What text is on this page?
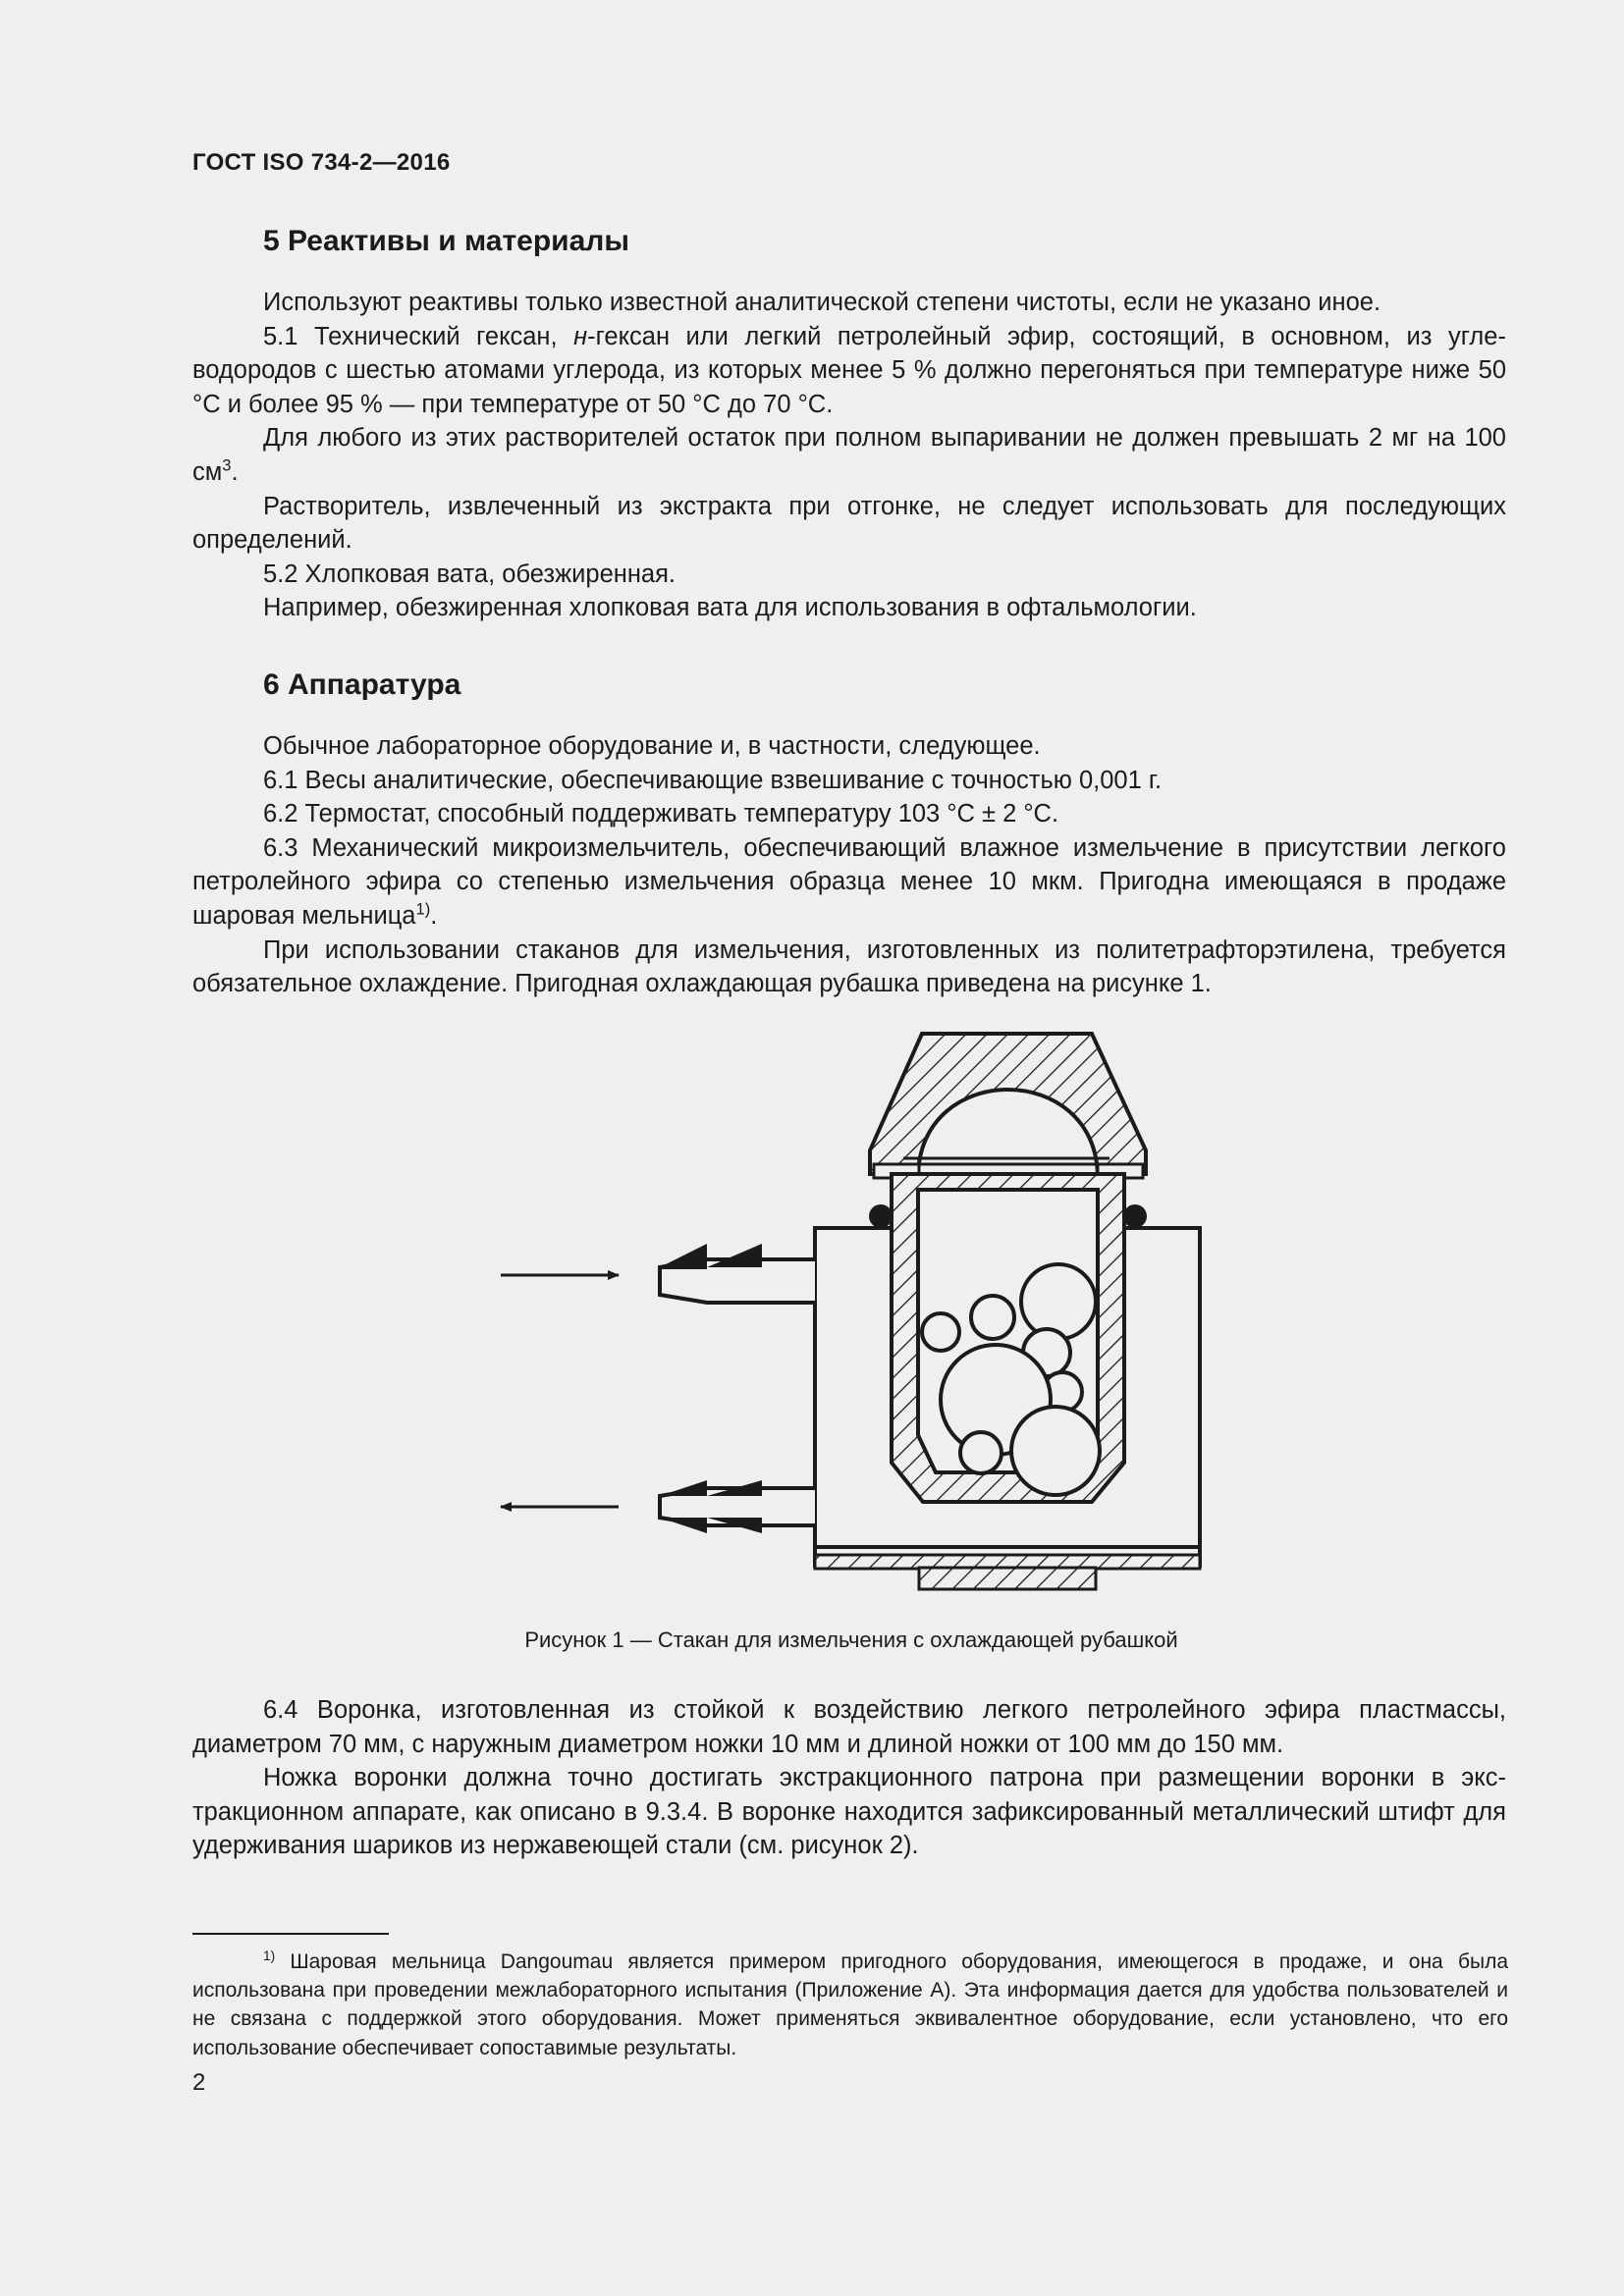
ГОСТ ISO 734-2—2016
5 Реактивы и материалы

Используют реактивы только известной аналитической степени чистоты, если не указано иное.

5.1 Технический гексан, н-гексан или легкий петролейный эфир, состоящий, в основном, из углеводородов с шестью атомами углерода, из которых менее 5 % должно перегоняться при температуре ниже 50 °С и более 95 % — при температуре от 50 °С до 70 °С.

Для любого из этих растворителей остаток при полном выпаривании не должен превышать 2 мг на 100 $см^3$.

Растворитель, извлеченный из экстракта при отгонке, не следует использовать для последующих определений.

5.2 Хлопковая вата, обезжиренная.

Например, обезжиренная хлопковая вата для использования в офтальмологии.

6 Аппаратура

Обычное лабораторное оборудование и, в частности, следующее.

6.1 Весы аналитические, обеспечивающие взвешивание с точностью 0,001 г.

6.2 Термостат, способный поддерживать температуру 103 °С ± 2 °С.

6.3 Механический микроизмельчитель, обеспечивающий влажное измельчение в присутствии легкого петролейного эфира со степенью измельчения образца менее 10 мкм. Пригодна имеющаяся в продаже шаровая мельница$^{1)}$.

При использовании стаканов для измельчения, изготовленных из политетрафторэтилена, требуется обязательное охлаждение. Пригодная охлаждающая рубашка приведена на рисунке 1.

Рисунок 1 — Стакан для измельчения с охлаждающей рубашкой

6.4 Воронка, изготовленная из стойкой к воздействию легкого петролейного эфира пластмассы, диаметром 70 мм, с наружным диаметром ножки 10 мм и длиной ножки от 100 мм до 150 мм.

Ножка воронки должна точно достигать экстракционного патрона при размещении воронки в экстракционном аппарате, как описано в 9.3.4. В воронке находится зафиксированный металлический штифт для удерживания шариков из нержавеющей стали (см. рисунок 2).

$^{1)}$ Шаровая мельница Dangoumau является примером пригодного оборудования, имеющегося в продаже, и она была использована при проведении межлабораторного испытания (Приложение А). Эта информация дается для удобства пользователей и не связана с поддержкой этого оборудования. Может применяться эквивалентное оборудование, если установлено, что его использование обеспечивает сопоставимые результаты.

2
